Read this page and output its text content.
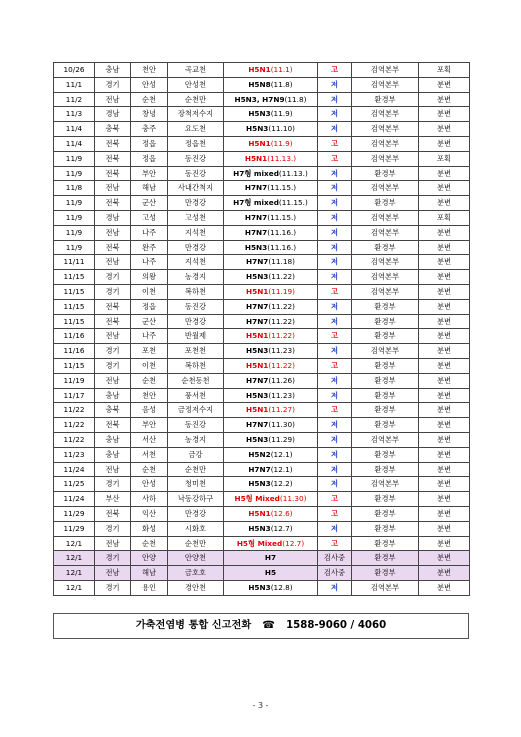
10/26	충남	천안	곡교천	H5N1(11.1)	고	검역본부	포획
11/1	경기	안성	안성천	H5N8(11.8)	저	검역본부	분변
11/2	전남	순천	순천만	H5N3, H7N9(11.8)	저	환경부	분변
11/3	경남	창녕	장척저수지	H5N3(11.9)	저	검역본부	분변
11/4	충북	충주	요도천	H5N3(11.10)	저	검역본부	분변
11/4	전북	정읍	정읍천	H5N1(11.9)	고	검역본부	분변
11/9	전북	정읍	동진강	H5N1(11.13.)	고	검역본부	포획
11/9	전북	부안	동진강	H7형 mixed(11.13.)	저	환경부	분변
11/8	전남	해남	사내간척지	H7N7(11.15.)	저	검역본부	분변
11/9	전북	군산	만경강	H7형 mixed(11.15.)	저	환경부	분변
11/9	경남	고성	고성천	H7N7(11.15.)	저	검역본부	포획
11/9	전남	나주	지석천	H7N7(11.16.)	저	검역본부	분변
11/9	전북	완주	만경강	H5N3(11.16.)	저	환경부	분변
11/11	전남	나주	지석천	H7N7(11.18)	저	검역본부	분변
11/15	경기	의왕	농경지	H5N3(11.22)	저	검역본부	분변
11/15	경기	이천	복하천	H5N1(11.19)	고	검역본부	분변
11/15	전북	정읍	동진강	H7N7(11.22)	저	환경부	분변
11/15	전북	군산	만경강	H7N7(11.22)	저	환경부	분변
11/16	전남	나주	반월제	H5N1(11.22)	고	환경부	분변
11/16	경기	포천	포천천	H5N3(11.23)	저	검역본부	분변
11/15	경기	이천	복하천	H5N1(11.22)	고	환경부	분변
11/19	전남	순천	순천동천	H7N7(11.26)	저	환경부	분변
11/17	충남	천안	풍서천	H5N3(11.23)	저	환경부	분변
11/22	충북	음성	금정저수지	H5N1(11.27)	고	환경부	분변
11/22	전북	부안	동진강	H7N7(11.30)	저	환경부	분변
11/22	충남	서산	농경지	H5N3(11.29)	저	검역본부	분변
11/23	충남	서천	금강	H5N2(12.1)	저	환경부	분변
11/24	전남	순천	순천만	H7N7(12.1)	저	환경부	분변
11/25	경기	안성	청미천	H5N3(12.2)	저	검역본부	분변
11/24	부산	사하	낙동강하구	H5형 Mixed(11.30)	고	환경부	분변
11/29	전북	익산	만경강	H5N1(12.6)	고	환경부	분변
11/29	경기	화성	시화호	H5N3(12.7)	저	환경부	분변
12/1	전남	순천	순천만	H5형 Mixed(12.7)	고	환경부	분변
12/1	경기	안양	안양천	H7	검사중	환경부	분변
12/1	전남	해남	금호호	H5	검사중	환경부	분변
12/1	경기	용인	경안천	H5N3(12.8)	저	검역본부	분변
가축전염병 통합 신고전화 ☎ 1588-9060 / 4060
- 3 -
